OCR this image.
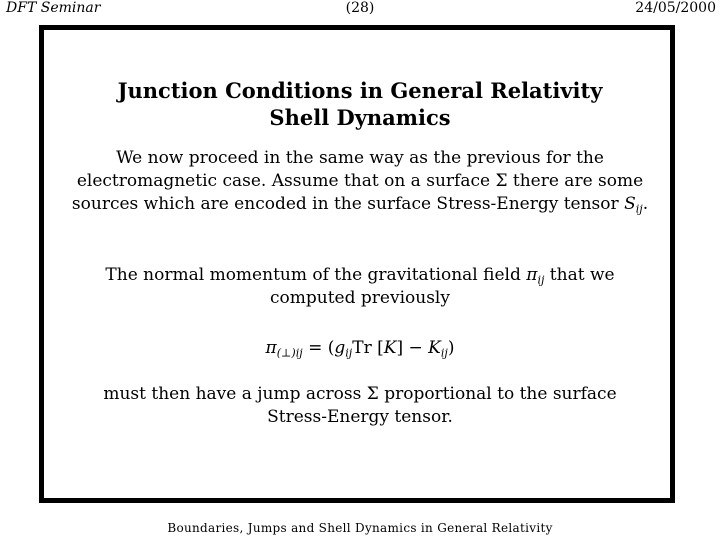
DFT Seminar	(28)	24/05/2000
Junction Conditions in General Relativity
Shell Dynamics
We now proceed in the same way as the previous for the
electromagnetic case. Assume that on a surface Σ there are some
sources which are encoded in the surface Stress-Energy tensor $S_{ij}$.
The normal momentum of the gravitational field $\pi_{ij}$ that we
computed previously
$\pi_{(\perp)ij} = (g_{ij}Tr$ $[K] - K_{ij}$)
must then have a jump across Σ proportional to the surface
Stress-Energy tensor.
Boundaries, Jumps and Shell Dynamics in General Relativity
